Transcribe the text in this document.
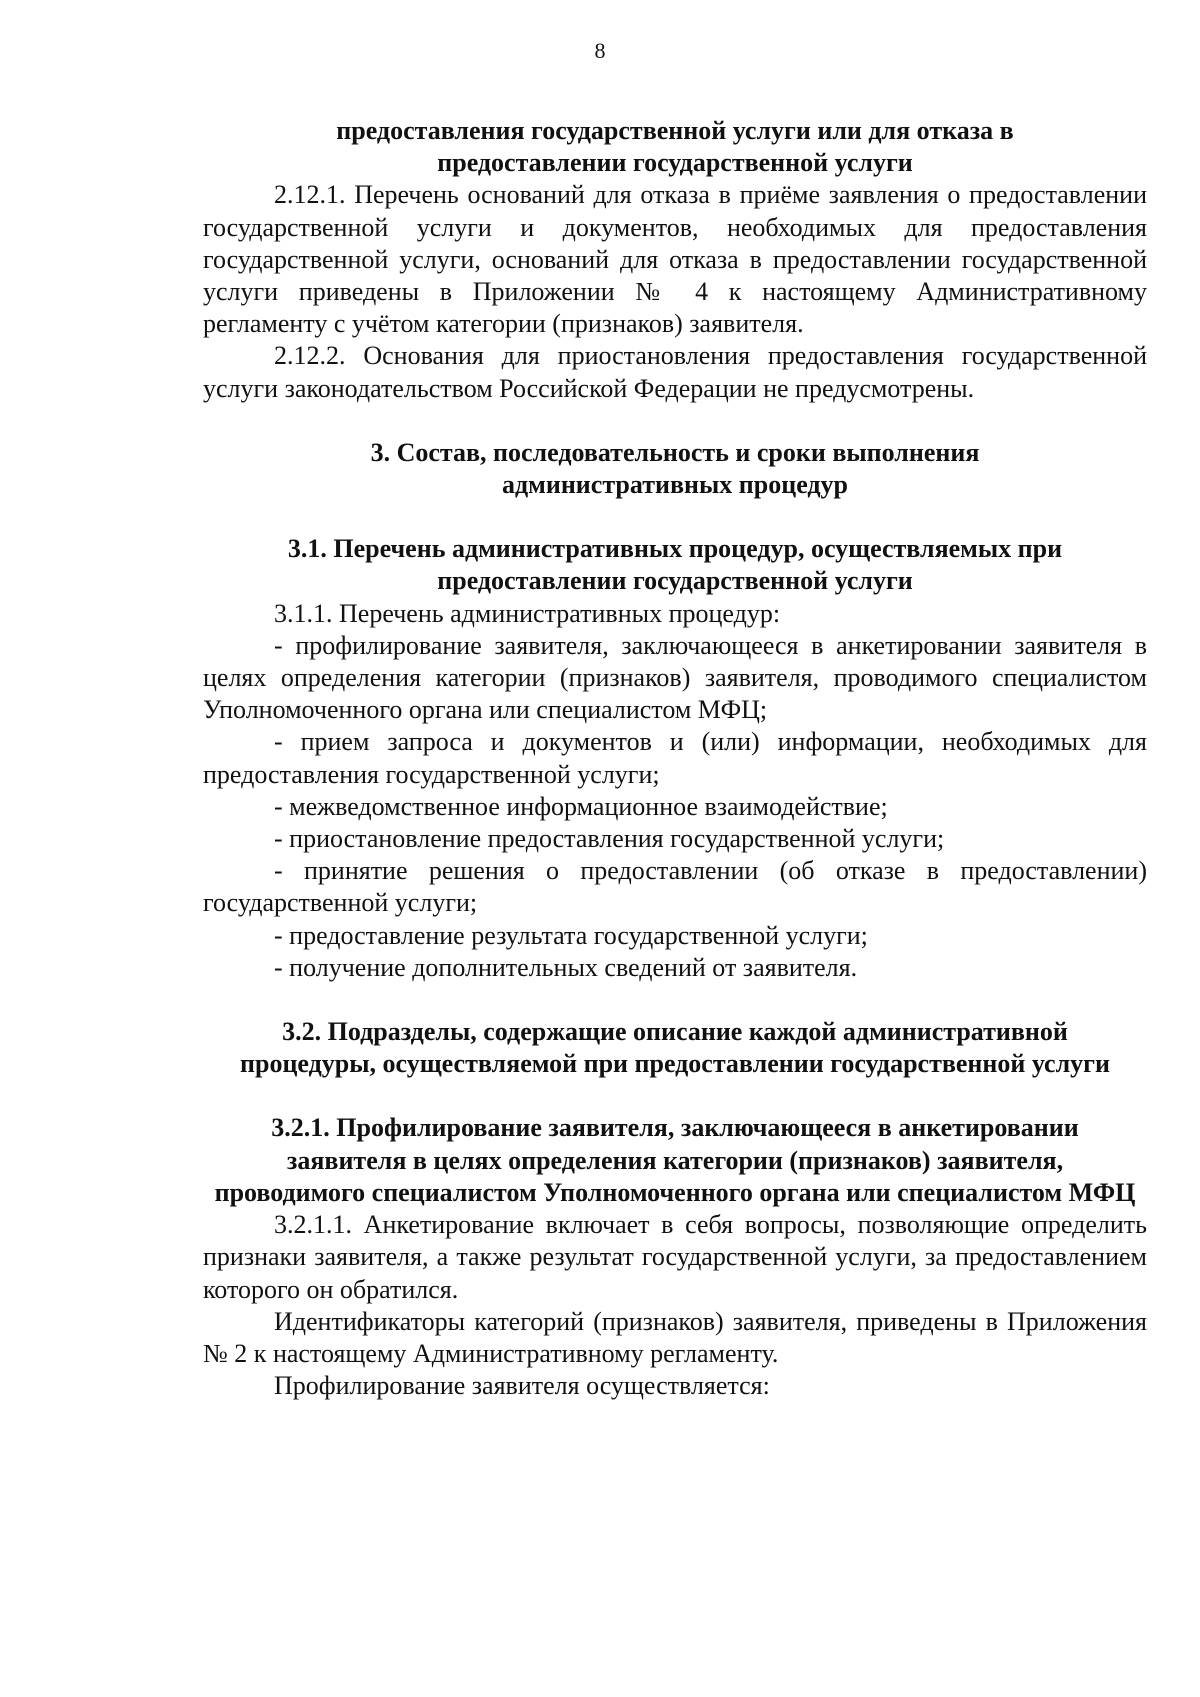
8
предоставления государственной услуги или для отказа в предоставлении государственной услуги

2.12.1. Перечень оснований для отказа в приёме заявления о предоставлении государственной услуги и документов, необходимых для предоставления государственной услуги, оснований для отказа в предоставлении государственной услуги приведены в Приложении № 4 к настоящему Административному регламенту с учётом категории (признаков) заявителя.

2.12.2. Основания для приостановления предоставления государственной услуги законодательством Российской Федерации не предусмотрены.

3. Состав, последовательность и сроки выполнения административных процедур
3.1. Перечень административных процедур, осуществляемых при предоставлении государственной услуги

3.1.1. Перечень административных процедур:

- профилирование заявителя, заключающееся в анкетировании заявителя в целях определения категории (признаков) заявителя, проводимого специалистом Уполномоченного органа или специалистом МФЦ;

- прием запроса и документов и (или) информации, необходимых для предоставления государственной услуги;

- межведомственное информационное взаимодействие;

- приостановление предоставления государственной услуги;

- принятие решения о предоставлении (об отказе в предоставлении) государственной услуги;

- предоставление результата государственной услуги;

- получение дополнительных сведений от заявителя.

3.2. Подразделы, содержащие описание каждой административной процедуры, осуществляемой при предоставлении государственной услуги
3.2.1. Профилирование заявителя, заключающееся в анкетировании заявителя в целях определения категории (признаков) заявителя, проводимого специалистом Уполномоченного органа или специалистом МФЦ

3.2.1.1. Анкетирование включает в себя вопросы, позволяющие определить признаки заявителя, а также результат государственной услуги, за предоставлением которого он обратился.

Идентификаторы категорий (признаков) заявителя, приведены в Приложения № 2 к настоящему Административному регламенту.

Профилирование заявителя осуществляется:
